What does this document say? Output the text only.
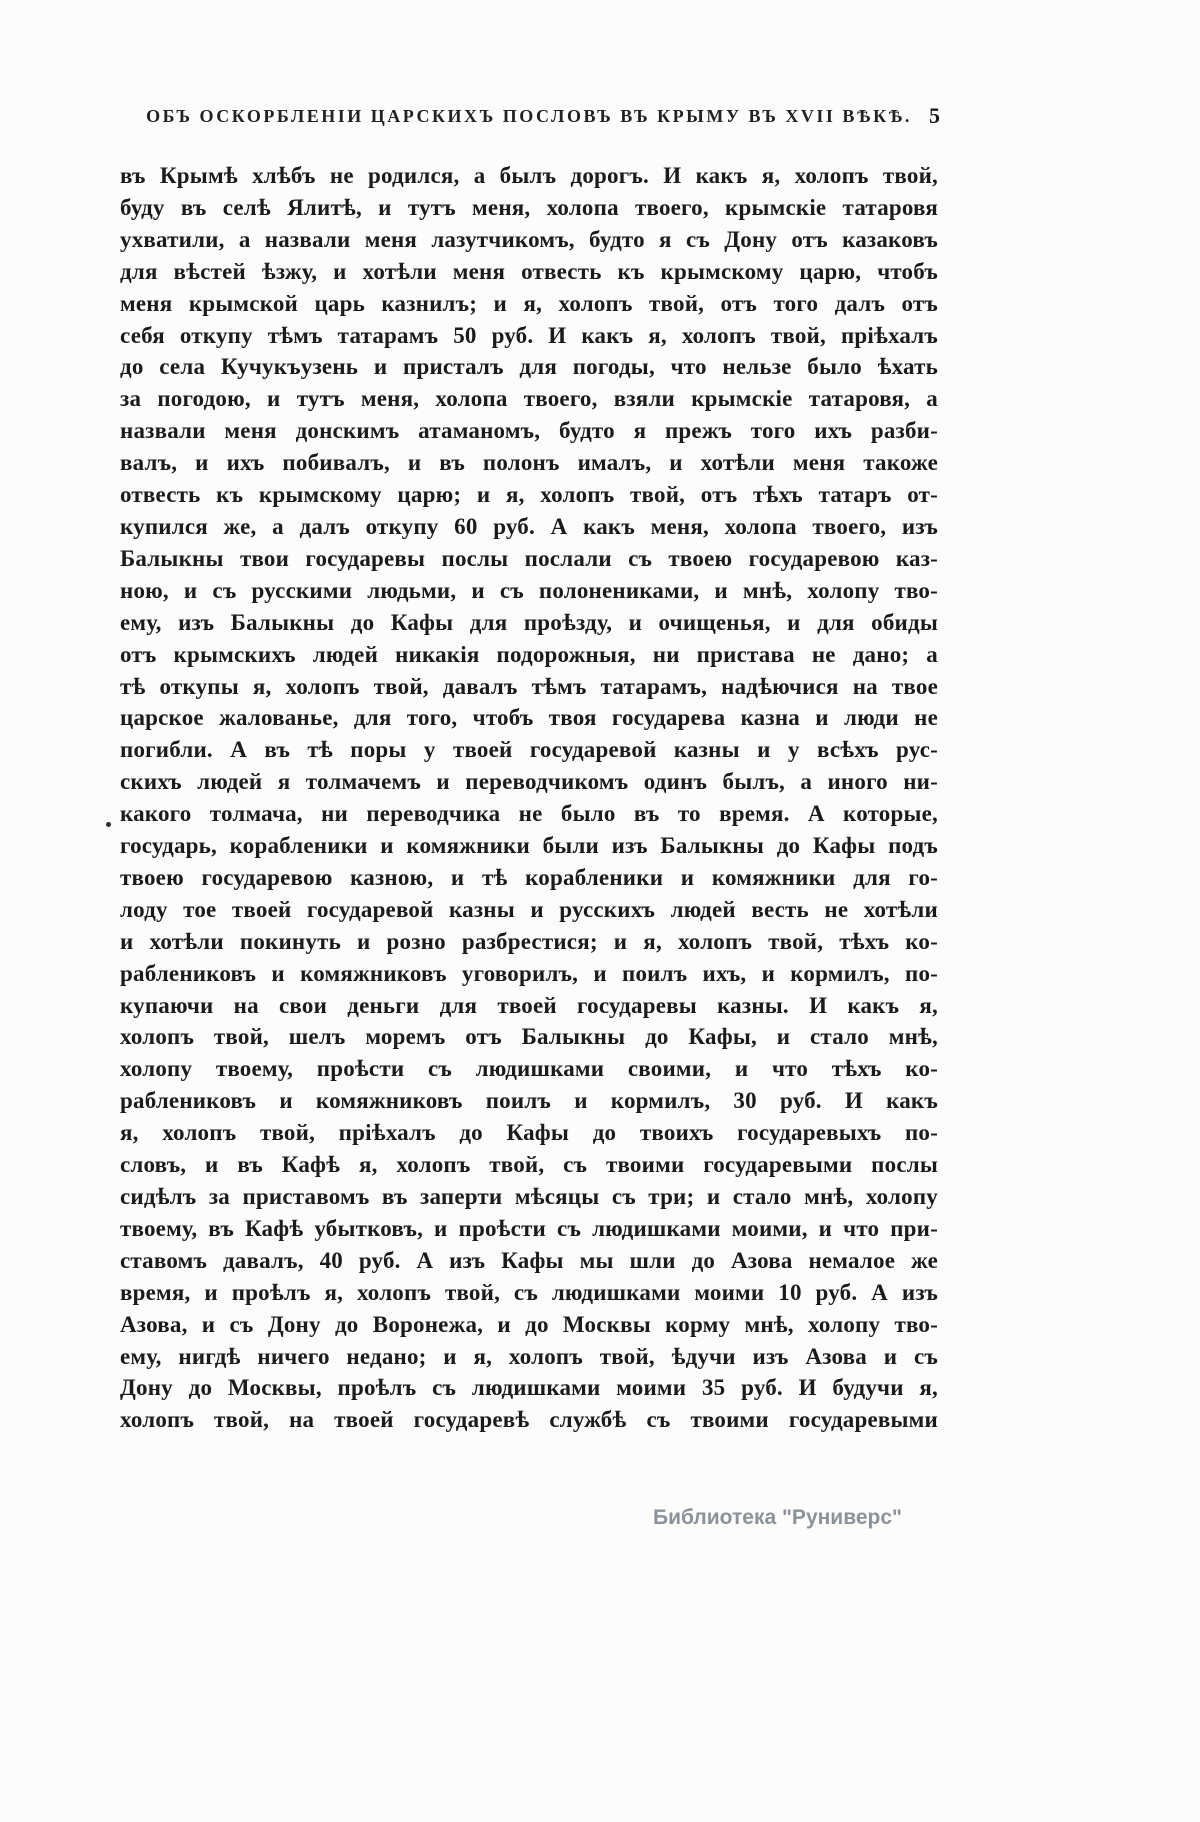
ОБЪ ОСКОРБЛЕНІИ ЦАРСКИХЪ ПОСЛОВЪ ВЪ КРЫМУ ВЪ XVII ВѢКѢ. 5
въ Крымѣ хлѣбъ не родился, а былъ дорогъ. И какъ я, холопъ твой,
буду въ селѣ Ялитѣ, и тутъ меня, холопа твоего, крымскіе татаровя
ухватили, а назвали меня лазутчикомъ, будто я съ Дону отъ казаковъ
для вѣстей ѣзжу, и хотѣли меня отвесть къ крымскому царю, чтобъ
меня крымской царь казнилъ; и я, холопъ твой, отъ того далъ отъ
себя откупу тѣмъ татарамъ 50 руб. И какъ я, холопъ твой, пріѣхалъ
до села Кучукъузень и присталъ для погоды, что нельзе было ѣхать
за погодою, и тутъ меня, холопа твоего, взяли крымскіе татаровя, а
назвали меня донскимъ атаманомъ, будто я прежъ того ихъ разби-
валъ, и ихъ побивалъ, и въ полонъ ималъ, и хотѣли меня такоже
отвесть къ крымскому царю; и я, холопъ твой, отъ тѣхъ татаръ от-
купился же, а далъ откупу 60 руб. А какъ меня, холопа твоего, изъ
Балыкны твои государевы послы послали съ твоею государевою каз-
ною, и съ русскими людьми, и съ полонениками, и мнѣ, холопу тво-
ему, изъ Балыкны до Кафы для проѣзду, и очищенья, и для обиды
отъ крымскихъ людей никакія подорожныя, ни пристава не дано; а
тѣ откупы я, холопъ твой, давалъ тѣмъ татарамъ, надѣючися на твое
царское жалованье, для того, чтобъ твоя государева казна и люди не
погибли. А въ тѣ поры у твоей государевой казны и у всѣхъ рус-
скихъ людей я толмачемъ и переводчикомъ одинъ былъ, а иного ни-
какого толмача, ни переводчика не было въ то время. А которые,
государь, корабленики и комяжники были изъ Балыкны до Кафы подъ
твоею государевою казною, и тѣ корабленики и комяжники для го-
лоду тое твоей государевой казны и русскихъ людей весть не хотѣли
и хотѣли покинуть и розно разбрестися; и я, холопъ твой, тѣхъ ко-
раблениковъ и комяжниковъ уговорилъ, и поилъ ихъ, и кормилъ, по-
купаючи на свои деньги для твоей государевы казны. И какъ я,
холопъ твой, шелъ моремъ отъ Балыкны до Кафы, и стало мнѣ,
холопу твоему, проѣсти съ людишками своими, и что тѣхъ ко-
раблениковъ и комяжниковъ поилъ и кормилъ, 30 руб. И какъ
я, холопъ твой, пріѣхалъ до Кафы до твоихъ государевыхъ по-
словъ, и въ Кафѣ я, холопъ твой, съ твоими государевыми послы
сидѣлъ за приставомъ въ заперти мѣсяцы съ три; и стало мнѣ, холопу
твоему, въ Кафѣ убытковъ, и проѣсти съ людишками моими, и что при-
ставомъ давалъ, 40 руб. А изъ Кафы мы шли до Азова немалое же
время, и проѣлъ я, холопъ твой, съ людишками моими 10 руб. А изъ
Азова, и съ Дону до Воронежа, и до Москвы корму мнѣ, холопу тво-
ему, нигдѣ ничего недано; и я, холопъ твой, ѣдучи изъ Азова и съ
Дону до Москвы, проѣлъ съ людишками моими 35 руб. И будучи я,
холопъ твой, на твоей государевѣ службѣ съ твоими государевыми
Библиотека "Руниверс"
